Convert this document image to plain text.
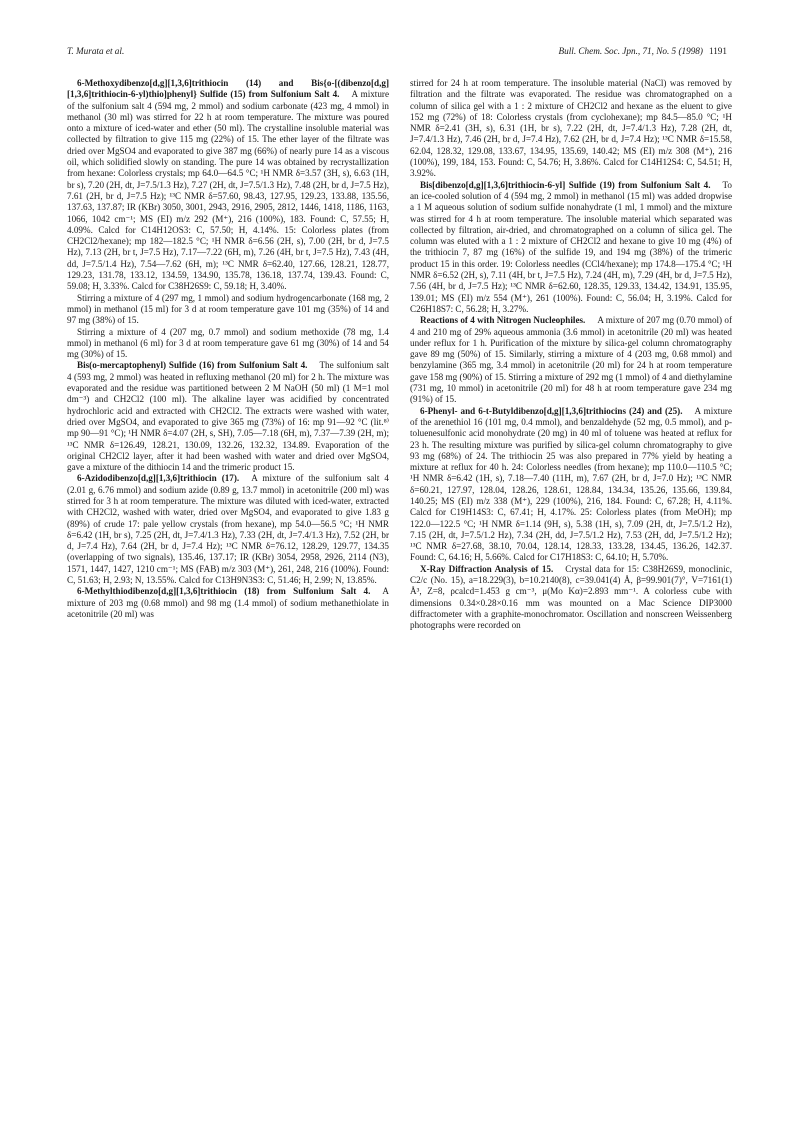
T. Murata et al.	Bull. Chem. Soc. Jpn., 71, No. 5 (1998) 1191

6-Methoxydibenzo[d,g][1,3,6]trithiocin (14) and Bis{o-[(dibenzo[d,g][1,3,6]trithiocin-6-yl)thio]phenyl} Sulfide (15) from Sulfonium Salt 4. A mixture of the sulfonium salt 4 (594 mg, 2 mmol) and sodium carbonate (423 mg, 4 mmol) in methanol (30 ml) was stirred for 22 h at room temperature. The mixture was poured onto a mixture of iced-water and ether (50 ml). The crystalline insoluble material was collected by filtration to give 115 mg (22%) of 15. The ether layer of the filtrate was dried over MgSO4 and evaporated to give 387 mg (66%) of nearly pure 14 as a viscous oil, which solidified slowly on standing. The pure 14 was obtained by recrystallization from hexane: Colorless crystals; mp 64.0—64.5 °C; ¹H NMR δ=3.57 (3H, s), 6.63 (1H, br s), 7.20 (2H, dt, J=7.5/1.3 Hz), 7.27 (2H, dt, J=7.5/1.3 Hz), 7.48 (2H, br d, J=7.5 Hz), 7.61 (2H, br d, J=7.5 Hz); ¹³C NMR δ=57.60, 98.43, 127.95, 129.23, 133.88, 135.56, 137.63, 137.87; IR (KBr) 3050, 3001, 2943, 2916, 2905, 2812, 1446, 1418, 1186, 1163, 1066, 1042 cm⁻¹; MS (EI) m/z 292 (M⁺), 216 (100%), 183. Found: C, 57.55; H, 4.09%. Calcd for C14H12OS3: C, 57.50; H, 4.14%. 15: Colorless plates (from CH2Cl2/hexane); mp 182—182.5 °C; ¹H NMR δ=6.56 (2H, s), 7.00 (2H, br d, J=7.5 Hz), 7.13 (2H, br t, J=7.5 Hz), 7.17—7.22 (6H, m), 7.26 (4H, br t, J=7.5 Hz), 7.43 (4H, dd, J=7.5/1.4 Hz), 7.54—7.62 (6H, m); ¹³C NMR δ=62.40, 127.66, 128.21, 128.77, 129.23, 131.78, 133.12, 134.59, 134.90, 135.78, 136.18, 137.74, 139.43. Found: C, 59.08; H, 3.33%. Calcd for C38H26S9: C, 59.18; H, 3.40%.

Stirring a mixture of 4 (297 mg, 1 mmol) and sodium hydrogencarbonate (168 mg, 2 mmol) in methanol (15 ml) for 3 d at room temperature gave 101 mg (35%) of 14 and 97 mg (38%) of 15.

Stirring a mixture of 4 (207 mg, 0.7 mmol) and sodium methoxide (78 mg, 1.4 mmol) in methanol (6 ml) for 3 d at room temperature gave 61 mg (30%) of 14 and 54 mg (30%) of 15.

Bis(o-mercaptophenyl) Sulfide (16) from Sulfonium Salt 4. The sulfonium salt 4 (593 mg, 2 mmol) was heated in refluxing methanol (20 ml) for 2 h. The mixture was evaporated and the residue was partitioned between 2 M NaOH (50 ml) (1 M=1 mol dm⁻³) and CH2Cl2 (100 ml). The alkaline layer was acidified by concentrated hydrochloric acid and extracted with CH2Cl2. The extracts were washed with water, dried over MgSO4, and evaporated to give 365 mg (73%) of 16: mp 91—92 °C (lit.⁸⁾ mp 90—91 °C); ¹H NMR δ=4.07 (2H, s, SH), 7.05—7.18 (6H, m), 7.37—7.39 (2H, m); ¹³C NMR δ=126.49, 128.21, 130.09, 132.26, 132.32, 134.89. Evaporation of the original CH2Cl2 layer, after it had been washed with water and dried over MgSO4, gave a mixture of the dithiocin 14 and the trimeric product 15.

6-Azidodibenzo[d,g][1,3,6]trithiocin (17). A mixture of the sulfonium salt 4 (2.01 g, 6.76 mmol) and sodium azide (0.89 g, 13.7 mmol) in acetonitrile (200 ml) was stirred for 3 h at room temperature. The mixture was diluted with iced-water, extracted with CH2Cl2, washed with water, dried over MgSO4, and evaporated to give 1.83 g (89%) of crude 17: pale yellow crystals (from hexane), mp 54.0—56.5 °C; ¹H NMR δ=6.42 (1H, br s), 7.25 (2H, dt, J=7.4/1.3 Hz), 7.33 (2H, dt, J=7.4/1.3 Hz), 7.52 (2H, br d, J=7.4 Hz), 7.64 (2H, br d, J=7.4 Hz); ¹³C NMR δ=76.12, 128.29, 129.77, 134.35 (overlapping of two signals), 135.46, 137.17; IR (KBr) 3054, 2958, 2926, 2114 (N3), 1571, 1447, 1427, 1210 cm⁻¹; MS (FAB) m/z 303 (M⁺), 261, 248, 216 (100%). Found: C, 51.63; H, 2.93; N, 13.55%. Calcd for C13H9N3S3: C, 51.46; H, 2.99; N, 13.85%.

6-Methylthiodibenzo[d,g][1,3,6]trithiocin (18) from Sulfonium Salt 4. A mixture of 203 mg (0.68 mmol) and 98 mg (1.4 mmol) of sodium methanethiolate in acetonitrile (20 ml) was

stirred for 24 h at room temperature. The insoluble material (NaCl) was removed by filtration and the filtrate was evaporated. The residue was chromatographed on a column of silica gel with a 1 : 2 mixture of CH2Cl2 and hexane as the eluent to give 152 mg (72%) of 18: Colorless crystals (from cyclohexane); mp 84.5—85.0 °C; ¹H NMR δ=2.41 (3H, s), 6.31 (1H, br s), 7.22 (2H, dt, J=7.4/1.3 Hz), 7.28 (2H, dt, J=7.4/1.3 Hz), 7.46 (2H, br d, J=7.4 Hz), 7.62 (2H, br d, J=7.4 Hz); ¹³C NMR δ=15.58, 62.04, 128.32, 129.08, 133.67, 134.95, 135.69, 140.42; MS (EI) m/z 308 (M⁺), 216 (100%), 199, 184, 153. Found: C, 54.76; H, 3.86%. Calcd for C14H12S4: C, 54.51; H, 3.92%.

Bis[dibenzo[d,g][1,3,6]trithiocin-6-yl] Sulfide (19) from Sulfonium Salt 4. To an ice-cooled solution of 4 (594 mg, 2 mmol) in methanol (15 ml) was added dropwise a 1 M aqueous solution of sodium sulfide nonahydrate (1 ml, 1 mmol) and the mixture was stirred for 4 h at room temperature. The insoluble material which separated was collected by filtration, air-dried, and chromatographed on a column of silica gel. The column was eluted with a 1 : 2 mixture of CH2Cl2 and hexane to give 10 mg (4%) of the trithiocin 7, 87 mg (16%) of the sulfide 19, and 194 mg (38%) of the trimeric product 15 in this order. 19: Colorless needles (CCl4/hexane); mp 174.8—175.4 °C; ¹H NMR δ=6.52 (2H, s), 7.11 (4H, br t, J=7.5 Hz), 7.24 (4H, m), 7.29 (4H, br d, J=7.5 Hz), 7.56 (4H, br d, J=7.5 Hz); ¹³C NMR δ=62.60, 128.35, 129.33, 134.42, 134.91, 135.95, 139.01; MS (EI) m/z 554 (M⁺), 261 (100%). Found: C, 56.04; H, 3.19%. Calcd for C26H18S7: C, 56.28; H, 3.27%.

Reactions of 4 with Nitrogen Nucleophiles. A mixture of 207 mg (0.70 mmol) of 4 and 210 mg of 29% aqueous ammonia (3.6 mmol) in acetonitrile (20 ml) was heated under reflux for 1 h. Purification of the mixture by silica-gel column chromatography gave 89 mg (50%) of 15. Similarly, stirring a mixture of 4 (203 mg, 0.68 mmol) and benzylamine (365 mg, 3.4 mmol) in acetonitrile (20 ml) for 24 h at room temperature gave 158 mg (90%) of 15. Stirring a mixture of 292 mg (1 mmol) of 4 and diethylamine (731 mg, 10 mmol) in acetonitrile (20 ml) for 48 h at room temperature gave 234 mg (91%) of 15.

6-Phenyl- and 6-t-Butyldibenzo[d,g][1,3,6]trithiocins (24) and (25). A mixture of the arenethiol 16 (101 mg, 0.4 mmol), and benzaldehyde (52 mg, 0.5 mmol), and p-toluenesulfonic acid monohydrate (20 mg) in 40 ml of toluene was heated at reflux for 23 h. The resulting mixture was purified by silica-gel column chromatography to give 93 mg (68%) of 24. The trithiocin 25 was also prepared in 77% yield by heating a mixture at reflux for 40 h. 24: Colorless needles (from hexane); mp 110.0—110.5 °C; ¹H NMR δ=6.42 (1H, s), 7.18—7.40 (11H, m), 7.67 (2H, br d, J=7.0 Hz); ¹³C NMR δ=60.21, 127.97, 128.04, 128.26, 128.61, 128.84, 134.34, 135.26, 135.66, 139.84, 140.25; MS (EI) m/z 338 (M⁺), 229 (100%), 216, 184. Found: C, 67.28; H, 4.11%. Calcd for C19H14S3: C, 67.41; H, 4.17%. 25: Colorless plates (from MeOH); mp 122.0—122.5 °C; ¹H NMR δ=1.14 (9H, s), 5.38 (1H, s), 7.09 (2H, dt, J=7.5/1.2 Hz), 7.15 (2H, dt, J=7.5/1.2 Hz), 7.34 (2H, dd, J=7.5/1.2 Hz), 7.53 (2H, dd, J=7.5/1.2 Hz); ¹³C NMR δ=27.68, 38.10, 70.04, 128.14, 128.33, 133.28, 134.45, 136.26, 142.37. Found: C, 64.16; H, 5.66%. Calcd for C17H18S3: C, 64.10; H, 5.70%.

X-Ray Diffraction Analysis of 15. Crystal data for 15: C38H26S9, monoclinic, C2/c (No. 15), a=18.229(3), b=10.2140(8), c=39.041(4) Å, β=99.901(7)°, V=7161(1) Å³, Z=8, ρcalcd=1.453 g cm⁻³, μ(Mo Kα)=2.893 mm⁻¹. A colorless cube with dimensions 0.34×0.28×0.16 mm was mounted on a Mac Science DIP3000 diffractometer with a graphite-monochromator. Oscillation and nonscreen Weissenberg photographs were recorded on
